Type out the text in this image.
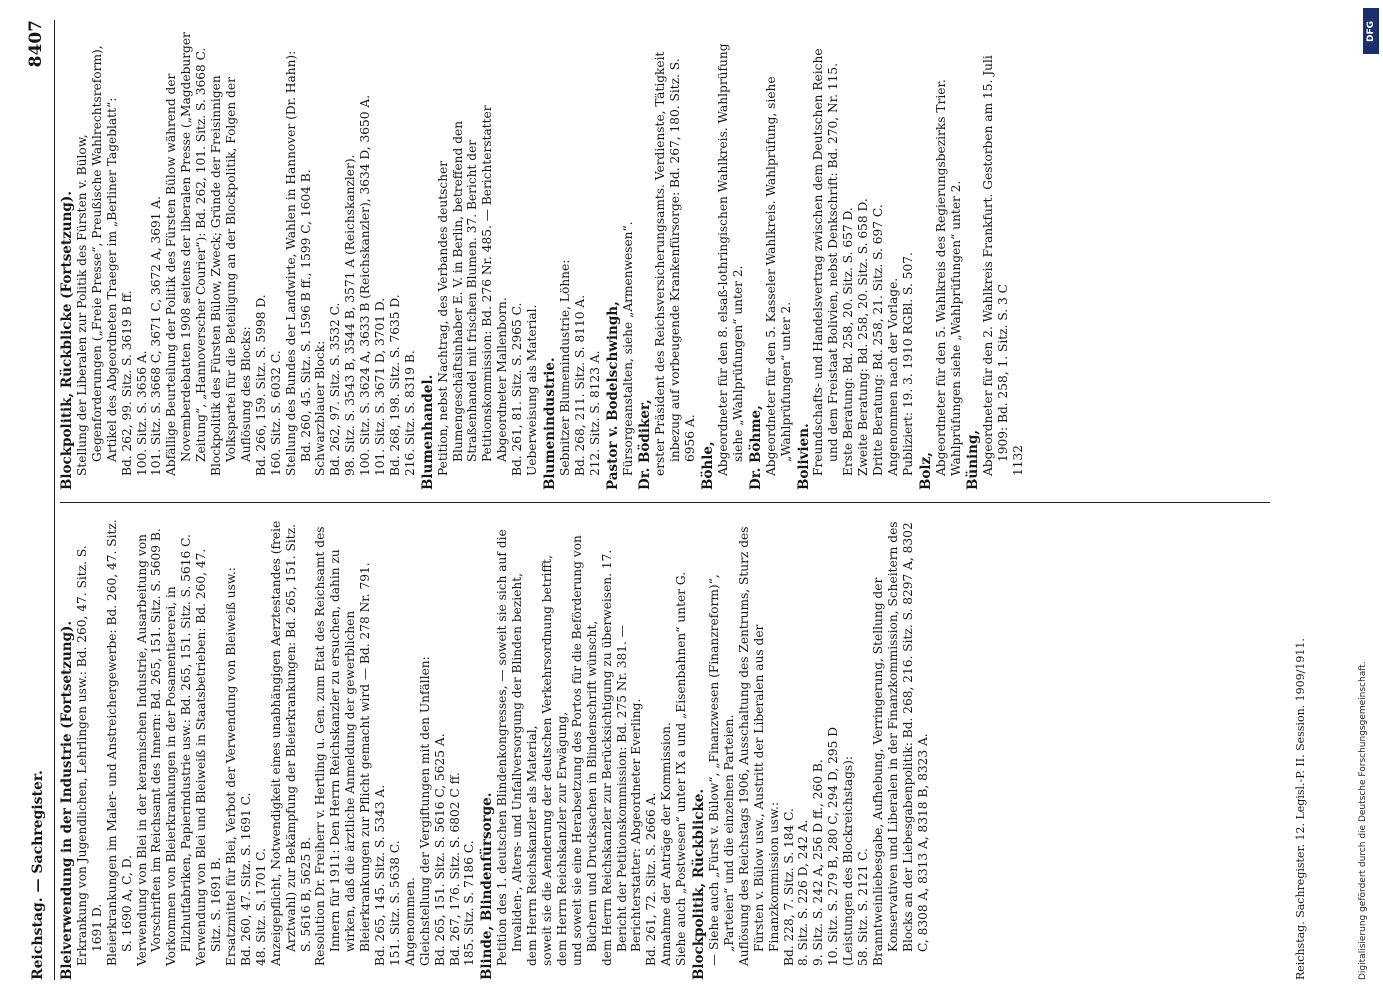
Reichstag. — Sachregister.
8407

Bleiverwendung in der Industrie (Fortsetzung). Erkrankung von Jugendlichen, Lehrlingen usw.: Bd. 260, 47. Sitz. S. 1691 D. Bleierkrankungen im Maler- und Anstreichergewerbe: Bd. 260, 47. Sitz. S. 1690 A, C, D. Verwendung von Blei in der keramischen Industrie, Ausarbeitung von Vorschriften im Reichsamt des Innern: Bd. 265, 151. Sitz. S. 5609 B. Vorkommen von Bleierkrankungen in der Posamentiererei, in Filzhutfabriken, Papierindustrie usw.: Bd. 265, 151. Sitz. S. 5616 C. Verwendung von Blei und Bleiweiß in Staatsbetrieben: Bd. 260, 47. Sitz. S. 1691 B. Ersatzmittel für Blei, Verbot der Verwendung von Bleiweiß usw.: Bd. 260, 47. Sitz. S. 1691 C. 48. Sitz. S. 1701 C. Anzeigepflicht, Notwendigkeit eines unabhängigen Aerztestandes (freie Arztwahl) zur Bekämpfung der Bleierkrankungen: Bd. 265, 151. Sitz. S. 5616 B, 5625 B. Resolution Dr. Freiherr v. Hertling u. Gen. zum Etat des Reichsamt des Innern für 1911: Den Herrn Reichskanzler zu ersuchen, dahin zu wirken, daß die ärztliche Anmeldung der gewerblichen Bleierkrankungen zur Pflicht gemacht wird — Bd. 278 Nr. 791. Bd. 265, 145. Sitz. S. 5343 A. 151. Sitz. S. 5638 C. Angenommen. Gleichstellung der Vergiftungen mit den Unfällen: Bd. 265, 151. Sitz. S. 5616 C, 5625 A. Bd. 267, 176. Sitz. S. 6802 C ff. 185. Sitz. S. 7186 C. Blinde, Blindenfürsorge. Petition des 1. deutschen Blindenkongresses, — soweit sie sich auf die Invaliden-, Alters- und Unfallversorgung der Blinden bezieht, dem Herrn Reichskanzler als Material, soweit sie die Aenderung der deutschen Verkehrsordnung betrifft, dem Herrn Reichskanzler zur Erwägung, und soweit sie eine Herabsetzung des Portos für die Beförderung von Büchern und Drucksachen in Blindenschrift wünscht, dem Herrn Reichskanzler zur Berücksichtigung zu überweisen. 17. Bericht der Petitionskommission: Bd. 275 Nr. 381. — Berichterstatter: Abgeordneter Everling. Bd. 261, 72. Sitz. S. 2666 A. Annahme der Anträge der Kommission. Siehe auch „Postwesen“ unter IX a und „Eisenbahnen“ unter G. Blockpolitik, Rückblicke. — Siehe auch „Fürst v. Bülow“, „Finanzwesen (Finanzreform)“, „Parteien“ und die einzelnen Parteien. Auflösung des Reichstags 1906, Ausschaltung des Zentrums, Sturz des Fürsten v. Bülow usw., Austritt der Liberalen aus der Finanzkommission usw.: Bd. 228, 7. Sitz. S. 184 C. 8. Sitz. S. 226 D, 242 A. 9. Sitz. S. 242 A, 256 D ff., 260 B. 10. Sitz. S. 279 B, 280 C, 294 D, 295 D (Leistungen des Blockreichstags): 58. Sitz. S. 2121 C. Branntweinliebesgabe, Aufhebung, Verringerung, Stellung der Konservativen und Liberalen in der Finanzkommission, Scheitern des Blocks an der Liebesgabenpolitik: Bd. 268, 216. Sitz. S. 8297 A, 8302 C, 8308 A, 8313 A, 8318 B, 8323 A.

Blockpolitik, Rückblicke (Fortsetzung). Stellung der Liberalen zur Politik des Fürsten v. Bülow, Gegenforderungen („Freie Presse“, Preußische Wahlrechtsreform), Artikel des Abgeordneten Traeger im „Berliner Tageblatt“: Bd. 262, 99. Sitz. S. 3619 B ff. 100. Sitz. S. 3656 A. 101. Sitz. S. 3668 C, 3671 C, 3672 A, 3691 A. Abfällige Beurteilung der Politik des Fürsten Bülow während der Novemberdebatten 1908 seitens der liberalen Presse („Magdeburger Zeitung“, „Hannoverscher Courier“): Bd. 262, 101. Sitz. S. 3668 C. Blockpolitik des Fürsten Bülow, Zweck; Gründe der Freisinnigen Volkspartei für die Beteiligung an der Blockpolitik, Folgen der Auflösung des Blocks: Bd. 266, 159. Sitz. S. 5998 D. 160. Sitz. S. 6032 C. Stellung des Bundes der Landwirte, Wahlen in Hannover (Dr. Hahn): Bd. 260, 45. Sitz. S. 1596 B ff., 1599 C, 1604 B. Schwarzblauer Block: Bd. 262, 97. Sitz. S. 3532 C. 98. Sitz. S. 3543 B, 3544 B, 3571 A (Reichskanzler). 100. Sitz. S. 3624 A, 3633 B (Reichskanzler), 3634 D, 3650 A. 101. Sitz. S. 3671 D, 3701 D. Bd. 268, 198. Sitz. S. 7635 D. 216. Sitz. S. 8319 B. Blumenhandel. Petition, nebst Nachtrag, des Verbandes deutscher Blumengeschäftsinhaber E. V. in Berlin, betreffend den Straßenhandel mit frischen Blumen. 37. Bericht der Petitionskommission: Bd. 276 Nr. 485. — Berichterstatter Abgeordneter Mallenborn. Bd. 261, 81. Sitz. S. 2965 C. Ueberweisung als Material. Blumenindustrie. Sebnitzer Blumenindustrie, Löhne: Bd. 268, 211. Sitz. S. 8110 A. 212. Sitz. S. 8123 A. Pastor v. Bodelschwingh, Fürsorgeanstalten, siehe „Armenwesen“. Dr. Bödiker, erster Präsident des Reichsversicherungsamts. Verdienste, Tätigkeit inbezug auf vorbeugende Krankenfürsorge: Bd. 267, 180. Sitz. S. 6956 A.

Böhle, Abgeordneter für den 8. elsaß-lothringischen Wahlkreis. Wahlprüfung siehe „Wahlprüfungen“ unter 2. Dr. Böhme, Abgeordneter für den 5. Kasseler Wahlkreis. Wahlprüfung, siehe „Wahlprüfungen“ unter 2. Bolivien. Freundschafts- und Handelsvertrag zwischen dem Deutschen Reiche und dem Freistaat Bolivien, nebst Denkschrift: Bd. 270, Nr. 115. Erste Beratung: Bd. 258, 20. Sitz. S. 657 D. Zweite Beratung: Bd. 258, 20. Sitz. S. 658 D. Dritte Beratung: Bd. 258, 21. Sitz. S. 697 C. Angenommen nach der Vorlage. Publiziert: 19. 3. 1910 RGBl. S. 507. Bolz, Abgeordneter für den 5. Wahlkreis des Regierungsbezirks Trier. Wahlprüfungen siehe „Wahlprüfungen“ unter 2. Büning, Abgeordneter für den 2. Wahlkreis Frankfurt. Gestorben am 15. Juli 1909: Bd. 258, 1. Sitz. S. 3 C 1132

Reichstag. Sachregister. 12. Legisl.-P. II. Session. 1909/1911.
DFG
Digitalisierung gefördert durch die Deutsche Forschungsgemeinschaft.
